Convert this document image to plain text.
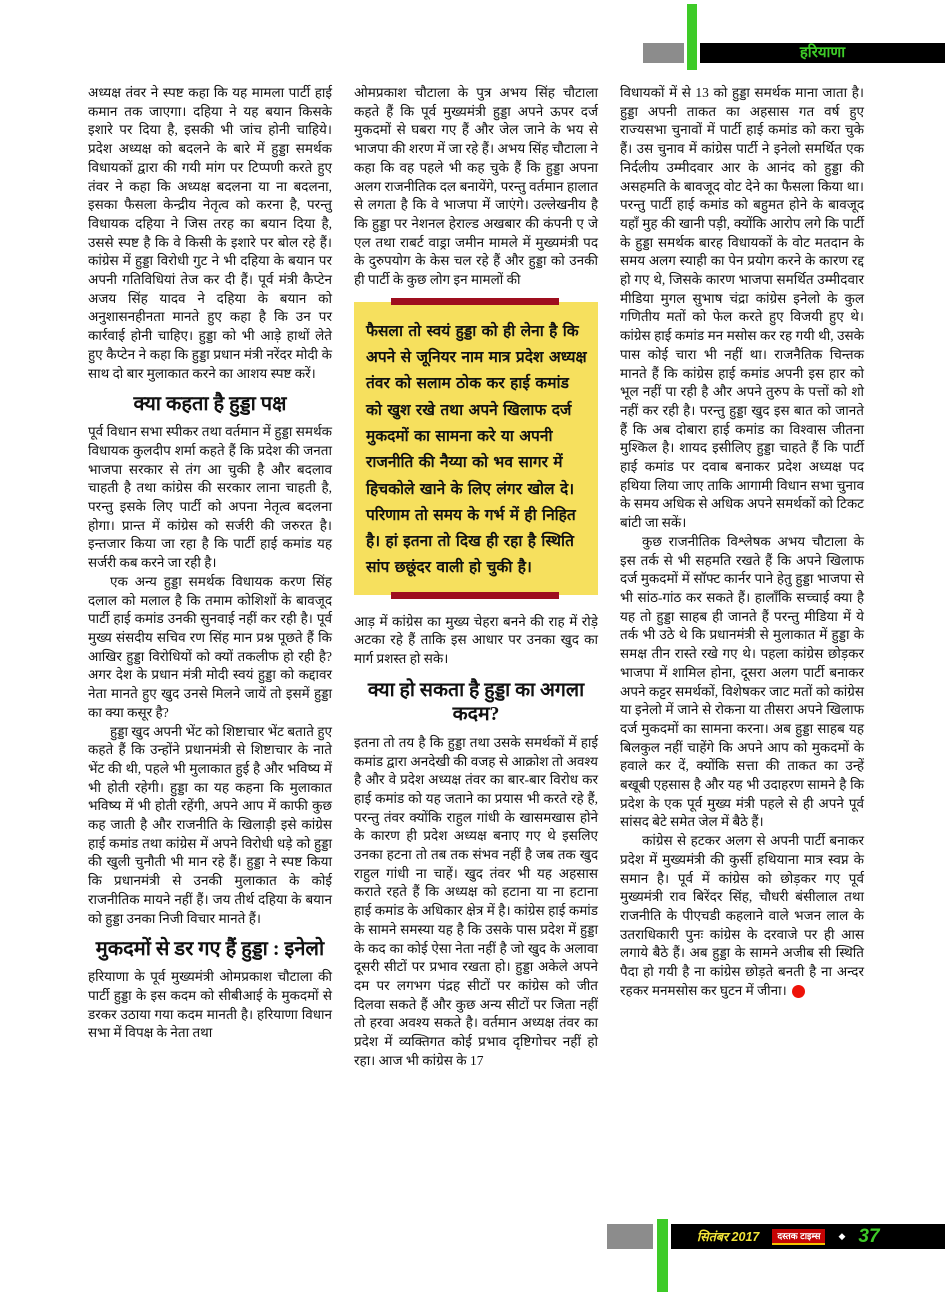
हरियाणा

अध्यक्ष तंवर ने स्पष्ट कहा कि यह मामला पार्टी हाई कमान तक जाएगा। दहिया ने यह बयान किसके इशारे पर दिया है, इसकी भी जांच होनी चाहिये। प्रदेश अध्यक्ष को बदलने के बारे में हुड्डा समर्थक विधायकों द्वारा की गयी मांग पर टिप्पणी करते हुए तंवर ने कहा कि अध्यक्ष बदलना या ना बदलना, इसका फैसला केन्द्रीय नेतृत्व को करना है, परन्तु विधायक दहिया ने जिस तरह का बयान दिया है, उससे स्पष्ट है कि वे किसी के इशारे पर बोल रहे हैं। कांग्रेस में हुड्डा विरोधी गुट ने भी दहिया के बयान पर अपनी गतिविधियां तेज कर दी हैं। पूर्व मंत्री कैप्टेन अजय सिंह यादव ने दहिया के बयान को अनुशासनहीनता मानते हुए कहा है कि उन पर कार्रवाई होनी चाहिए। हुड्डा को भी आड़े हाथों लेते हुए कैप्टेन ने कहा कि हुड्डा प्रधान मंत्री नरेंदर मोदी के साथ दो बार मुलाकात करने का आशय स्पष्ट करें।

क्या कहता है हुड्डा पक्ष

पूर्व विधान सभा स्पीकर तथा वर्तमान में हुड्डा समर्थक विधायक कुलदीप शर्मा कहते हैं कि प्रदेश की जनता भाजपा सरकार से तंग आ चुकी है और बदलाव चाहती है तथा कांग्रेस की सरकार लाना चाहती है, परन्तु इसके लिए पार्टी को अपना नेतृत्व बदलना होगा। प्रान्त में कांग्रेस को सर्जरी की जरुरत है। इन्तजार किया जा रहा है कि पार्टी हाई कमांड यह सर्जरी कब करने जा रही है।

एक अन्य हुड्डा समर्थक विधायक करण सिंह दलाल को मलाल है कि तमाम कोशिशों के बावजूद पार्टी हाई कमांड उनकी सुनवाई नहीं कर रही है। पूर्व मुख्य संसदीय सचिव रण सिंह मान प्रश्न पूछते हैं कि आखिर हुड्डा विरोधियों को क्यों तकलीफ हो रही है? अगर देश के प्रधान मंत्री मोदी स्वयं हुड्डा को कद्दावर नेता मानते हुए खुद उनसे मिलने जायें तो इसमें हुड्डा का क्या कसूर है?

हुड्डा खुद अपनी भेंट को शिष्टाचार भेंट बताते हुए कहते हैं कि उन्होंने प्रधानमंत्री से शिष्टाचार के नाते भेंट की थी, पहले भी मुलाकात हुई है और भविष्य में भी होती रहेगी। हुड्डा का यह कहना कि मुलाकात भविष्य में भी होती रहेंगी, अपने आप में काफी कुछ कह जाती है और राजनीति के खिलाड़ी इसे कांग्रेस हाई कमांड तथा कांग्रेस में अपने विरोधी धड़े को हुड्डा की खुली चुनौती भी मान रहे हैं। हुड्डा ने स्पष्ट किया कि प्रधानमंत्री से उनकी मुलाकात के कोई राजनीतिक मायने नहीं हैं। जय तीर्थ दहिया के बयान को हुड्डा उनका निजी विचार मानते हैं।

मुकदमों से डर गए हैं हुड्डा : इनेलो

हरियाणा के पूर्व मुख्यमंत्री ओमप्रकाश चौटाला की पार्टी हुड्डा के इस कदम को सीबीआई के मुकदमों से डरकर उठाया गया कदम मानती है। हरियाणा विधान सभा में विपक्ष के नेता तथा

ओमप्रकाश चौटाला के पुत्र अभय सिंह चौटाला कहते हैं कि पूर्व मुख्यमंत्री हुड्डा अपने ऊपर दर्ज मुकदमों से घबरा गए हैं और जेल जाने के भय से भाजपा की शरण में जा रहे हैं। अभय सिंह चौटाला ने कहा कि वह पहले भी कह चुके हैं कि हुड्डा अपना अलग राजनीतिक दल बनायेंगे, परन्तु वर्तमान हालात से लगता है कि वे भाजपा में जाएंगे। उल्लेखनीय है कि हुड्डा पर नेशनल हेराल्ड अखबार की कंपनी ए जे एल तथा राबर्ट वाड्रा जमीन मामले में मुख्यमंत्री पद के दुरुपयोग के केस चल रहे हैं और हुड्डा को उनकी ही पार्टी के कुछ लोग इन मामलों की

फैसला तो स्वयं हुड्डा को ही लेना है कि अपने से जूनियर नाम मात्र प्रदेश अध्यक्ष तंवर को सलाम ठोक कर हाई कमांड को खुश रखे तथा अपने खिलाफ दर्ज मुकदमों का सामना करे या अपनी राजनीति की नैय्या को भव सागर में हिचकोले खाने के लिए लंगर खोल दे। परिणाम तो समय के गर्भ में ही निहित है। हां इतना तो दिख ही रहा है स्थिति सांप छछूंदर वाली हो चुकी है।

आड़ में कांग्रेस का मुख्य चेहरा बनने की राह में रोड़े अटका रहे हैं ताकि इस आधार पर उनका खुद का मार्ग प्रशस्त हो सके।

क्या हो सकता है हुड्डा का अगला कदम?

इतना तो तय है कि हुड्डा तथा उसके समर्थकों में हाई कमांड द्वारा अनदेखी की वजह से आक्रोश तो अवश्य है और वे प्रदेश अध्यक्ष तंवर का बार-बार विरोध कर हाई कमांड को यह जताने का प्रयास भी करते रहे हैं, परन्तु तंवर क्योंकि राहुल गांधी के खासमखास होने के कारण ही प्रदेश अध्यक्ष बनाए गए थे इसलिए उनका हटना तो तब तक संभव नहीं है जब तक खुद राहुल गांधी ना चाहें। खुद तंवर भी यह अहसास कराते रहते हैं कि अध्यक्ष को हटाना या ना हटाना हाई कमांड के अधिकार क्षेत्र में है। कांग्रेस हाई कमांड के सामने समस्या यह है कि उसके पास प्रदेश में हुड्डा के कद का कोई ऐसा नेता नहीं है जो खुद के अलावा दूसरी सीटों पर प्रभाव रखता हो। हुड्डा अकेले अपने दम पर लगभग पंद्रह सीटों पर कांग्रेस को जीत दिलवा सकते हैं और कुछ अन्य सीटों पर जिता नहीं तो हरवा अवश्य सकते है। वर्तमान अध्यक्ष तंवर का प्रदेश में व्यक्तिगत कोई प्रभाव दृष्टिगोचर नहीं हो रहा। आज भी कांग्रेस के 17

विधायकों में से 13 को हुड्डा समर्थक माना जाता है। हुड्डा अपनी ताकत का अहसास गत वर्ष हुए राज्यसभा चुनावों में पार्टी हाई कमांड को करा चुके हैं। उस चुनाव में कांग्रेस पार्टी ने इनेलो समर्थित एक निर्दलीय उम्मीदवार आर के आनंद को हुड्डा की असहमति के बावजूद वोट देने का फैसला किया था। परन्तु पार्टी हाई कमांड को बहुमत होने के बावजूद यहाँ मुह की खानी पड़ी, क्योंकि आरोप लगे कि पार्टी के हुड्डा समर्थक बारह विधायकों के वोट मतदान के समय अलग स्याही का पेन प्रयोग करने के कारण रद्द हो गए थे, जिसके कारण भाजपा समर्थित उम्मीदवार मीडिया मुगल सुभाष चंद्रा कांग्रेस इनेलो के कुल गणितीय मतों को फेल करते हुए विजयी हुए थे। कांग्रेस हाई कमांड मन मसोस कर रह गयी थी, उसके पास कोई चारा भी नहीं था। राजनैतिक चिन्तक मानते हैं कि कांग्रेस हाई कमांड अपनी इस हार को भूल नहीं पा रही है और अपने तुरुप के पत्तों को शो नहीं कर रही है। परन्तु हुड्डा खुद इस बात को जानते हैं कि अब दोबारा हाई कमांड का विश्वास जीतना मुश्किल है। शायद इसीलिए हुड्डा चाहते हैं कि पार्टी हाई कमांड पर दवाब बनाकर प्रदेश अध्यक्ष पद हथिया लिया जाए ताकि आगामी विधान सभा चुनाव के समय अधिक से अधिक अपने समर्थकों को टिकट बांटी जा सकें।

कुछ राजनीतिक विश्लेषक अभय चौटाला के इस तर्क से भी सहमति रखते हैं कि अपने खिलाफ दर्ज मुकदमों में सॉफ्ट कार्नर पाने हेतु हुड्डा भाजपा से भी सांठ-गांठ कर सकते हैं। हालाँकि सच्चाई क्या है यह तो हुड्डा साहब ही जानते हैं परन्तु मीडिया में ये तर्क भी उठे थे कि प्रधानमंत्री से मुलाकात में हुड्डा के समक्ष तीन रास्ते रखे गए थे। पहला कांग्रेस छोड़कर भाजपा में शामिल होना, दूसरा अलग पार्टी बनाकर अपने कट्टर समर्थकों, विशेषकर जाट मतों को कांग्रेस या इनेलो में जाने से रोकना या तीसरा अपने खिलाफ दर्ज मुकदमों का सामना करना। अब हुड्डा साहब यह बिलकुल नहीं चाहेंगे कि अपने आप को मुकदमों के हवाले कर दें, क्योंकि सत्ता की ताकत का उन्हें बखूबी एहसास है और यह भी उदाहरण सामने है कि प्रदेश के एक पूर्व मुख्य मंत्री पहले से ही अपने पूर्व सांसद बेटे समेत जेल में बैठे हैं।

कांग्रेस से हटकर अलग से अपनी पार्टी बनाकर प्रदेश में मुख्यमंत्री की कुर्सी हथियाना मात्र स्वप्न के समान है। पूर्व में कांग्रेस को छोड़कर गए पूर्व मुख्यमंत्री राव बिरेंदर सिंह, चौधरी बंसीलाल तथा राजनीति के पीएचडी कहलाने वाले भजन लाल के उतराधिकारी पुनः कांग्रेस के दरवाजे पर ही आस लगाये बैठे हैं। अब हुड्डा के सामने अजीब सी स्थिति पैदा हो गयी है ना कांग्रेस छोड़ते बनती है ना अन्दर रहकर मनमसोस कर घुटन में जीना।

सितंबर 2017	दस्तक टाइम्स	◆ 37
